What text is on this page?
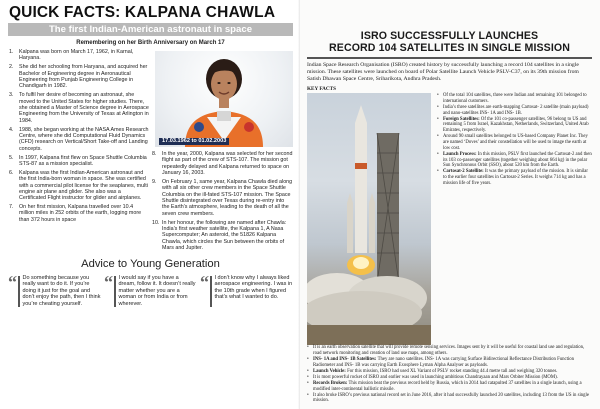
QUICK FACTS: KALPANA CHAWLA
The first Indian-American astronaut in space
Remembering on her Birth Anniversary on March 17
1.	Kalpana was born on March 17, 1962, in Karnal, Haryana.
2.	She did her schooling from Haryana, and acquired her Bachelor of Engineering degree in Aeronautical Engineering from Punjab Engineering College in Chandigarh in 1982.
3.	To fulfil her desire of becoming an astronaut, she moved to the United States for higher studies. There, she obtained a Master of Science degree in Aerospace Engineering from the University of Texas at Arlington in 1984.
4.	1988, she began working at the NASA Ames Research Centre, where she did Computational Fluid Dynamics (CFD) research on Vertical/Short Take-off and Landing concepts.
5.	In 1997, Kalpana first flew on Space Shuttle Columbia STS-87 as a mission specialist.
6.	Kalpana was the first Indian-American astronaut and the first India-born woman in space. She was certified with a commercial pilot license for the seaplanes, multi engine air plane and glider. She also was a Certificated Flight instructor for glider and airplanes.
7.	On her first mission, Kalpana travelled over 10.4 million miles in 252 orbits of the earth, logging more than 372 hours in space
17.03.1962 to 01.02.2003
8.	In the year, 2000, Kalpana was selected for her second flight as part of the crew of STS-107. The mission got repeatedly delayed and Kalpana returned to space on January 16, 2003.
9.	On February 1, same year, Kalpana Chawla died along with all six other crew members in the Space Shuttle Columbia on the ill-fated STS-107 mission. The Space Shuttle disintegrated over Texas during re-entry into the Earth’s atmosphere, leading to the death of all the seven crew members.
10. In her honour, the following are named after Chawla: India’s first weather satellite, the Kalpana 1, A Nasa Supercomputer; An asteroid, the 51826 Kalpana Chawla, which circles the Sun between the orbits of Mars and Jupiter.
Advice to Young Generation
“ Do something because you really want to do it. If you’re doing it just for the goal and don’t enjoy the path, then I think you’re cheating yourself.
“ I would say if you have a dream, follow it. It doesn’t really matter whether you are a woman or from India or from wherever.
“ I don’t know why I always liked aerospace engineering. I was in the 10th grade when I figured that’s what I wanted to do.
ISRO SUCCESSFULLY LAUNCHES
RECORD 104 SATELLITES IN SINGLE MISSION

Indian Space Research Organisation (ISRO) created history by successfully launching a record 104 satellites in a single mission. These satellites were launched on board of Polar Satellite Launch Vehicle PSLV-C37, on its 39th mission from Satish Dhawan Space Centre, Sriharikota, Andhra Pradesh.

KEY FACTS
• Of the total 104 satellites, three were Indian and remaining 101 belonged to international customers.
• India’s three satellites are earth-mapping Cartosat- 2 satellite (main payload) and nano-satellites INS- 1A and INS- 1B.
• Foreign Satellites: Of the 101 co-passenger satellites, 96 belong to US and remaining 5 from Israel, Kazakhstan, Netherlands, Switzerland, United Arab Emirates, respectively.
• Around 90 small satellites belonged to US-based Company Planet Inc. They are named ‘Doves’ and their constellation will be used to image the earth at low cost.
• Launch Process: In this mission, PSLV first launched the Cartosat-2 and then its 103 co-passenger satellites (together weighing about 664 kg) in the polar Sun Synchronous Orbit (SSO), about 520 km from the Earth.
• Cartosat-2 Satellite: It was the primary payload of the mission. It is similar to the earlier four satellites in Cartosat-2 Series. It weighs 714 kg and has a mission life of five years.
• It is an earth observation satellite that will provide remote sensing services. Images sent by it will be useful for coastal land use and regulation, road network monitoring and creation of land use maps, among others.
• INS- 1A and INS- 1B Satellites: They are nano satellites. INS- 1A was carrying Surface Bidirectional Reflectance Distribution Function Radiometer and INS- 1B was carrying Earth Exosphere Lyman Alpha Analyser as payloads.
• Launch Vehicle: For this mission, ISRO had used XL Variant of PSLV rocket standing 44.4 metre tall and weighing 320 tonnes.
• It is most powerful rocket of ISRO and earlier was used in launching ambitious Chandrayaan and Mars Orbiter Mission (MOM).
• Records Broken: This mission beat the previous record held by Russia, which in 2014 had catapulted 37 satellites in a single launch, using a modified inter-continental ballistic missile.
• It also broke ISRO’s previous national record set in June 2016, after it had successfully launched 20 satellites, including 13 from the US in single mission.
